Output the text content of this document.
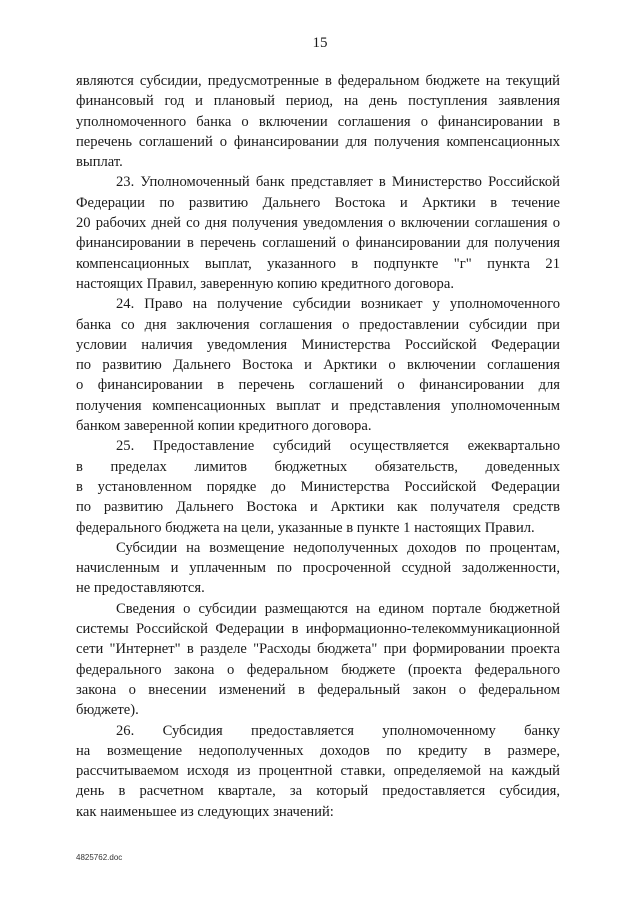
15
являются субсидии, предусмотренные в федеральном бюджете на текущий
финансовый год и плановый период, на день поступления заявления
уполномоченного банка о включении соглашения о финансировании в
перечень соглашений о финансировании для получения компенсационных
выплат.
23. Уполномоченный банк представляет в Министерство Российской
Федерации по развитию Дальнего Востока и Арктики в течение
20 рабочих дней со дня получения уведомления о включении соглашения о
финансировании в перечень соглашений о финансировании для получения
компенсационных выплат, указанного в подпункте "г" пункта 21
настоящих Правил, заверенную копию кредитного договора.
24. Право на получение субсидии возникает у уполномоченного
банка со дня заключения соглашения о предоставлении субсидии при
условии наличия уведомления Министерства Российской Федерации
по развитию Дальнего Востока и Арктики о включении соглашения
о финансировании в перечень соглашений о финансировании для
получения компенсационных выплат и представления уполномоченным
банком заверенной копии кредитного договора.
25. Предоставление субсидий осуществляется ежеквартально
в пределах лимитов бюджетных обязательств, доведенных
в установленном порядке до Министерства Российской Федерации
по развитию Дальнего Востока и Арктики как получателя средств
федерального бюджета на цели, указанные в пункте 1 настоящих Правил.
Субсидии на возмещение недополученных доходов по процентам,
начисленным и уплаченным по просроченной ссудной задолженности,
не предоставляются.
Сведения о субсидии размещаются на едином портале бюджетной
системы Российской Федерации в информационно-телекоммуникационной
сети "Интернет" в разделе "Расходы бюджета" при формировании проекта
федерального закона о федеральном бюджете (проекта федерального
закона о внесении изменений в федеральный закон о федеральном
бюджете).
26. Субсидия предоставляется уполномоченному банку
на возмещение недополученных доходов по кредиту в размере,
рассчитываемом исходя из процентной ставки, определяемой на каждый
день в расчетном квартале, за который предоставляется субсидия,
как наименьшее из следующих значений:
4825762.doc
